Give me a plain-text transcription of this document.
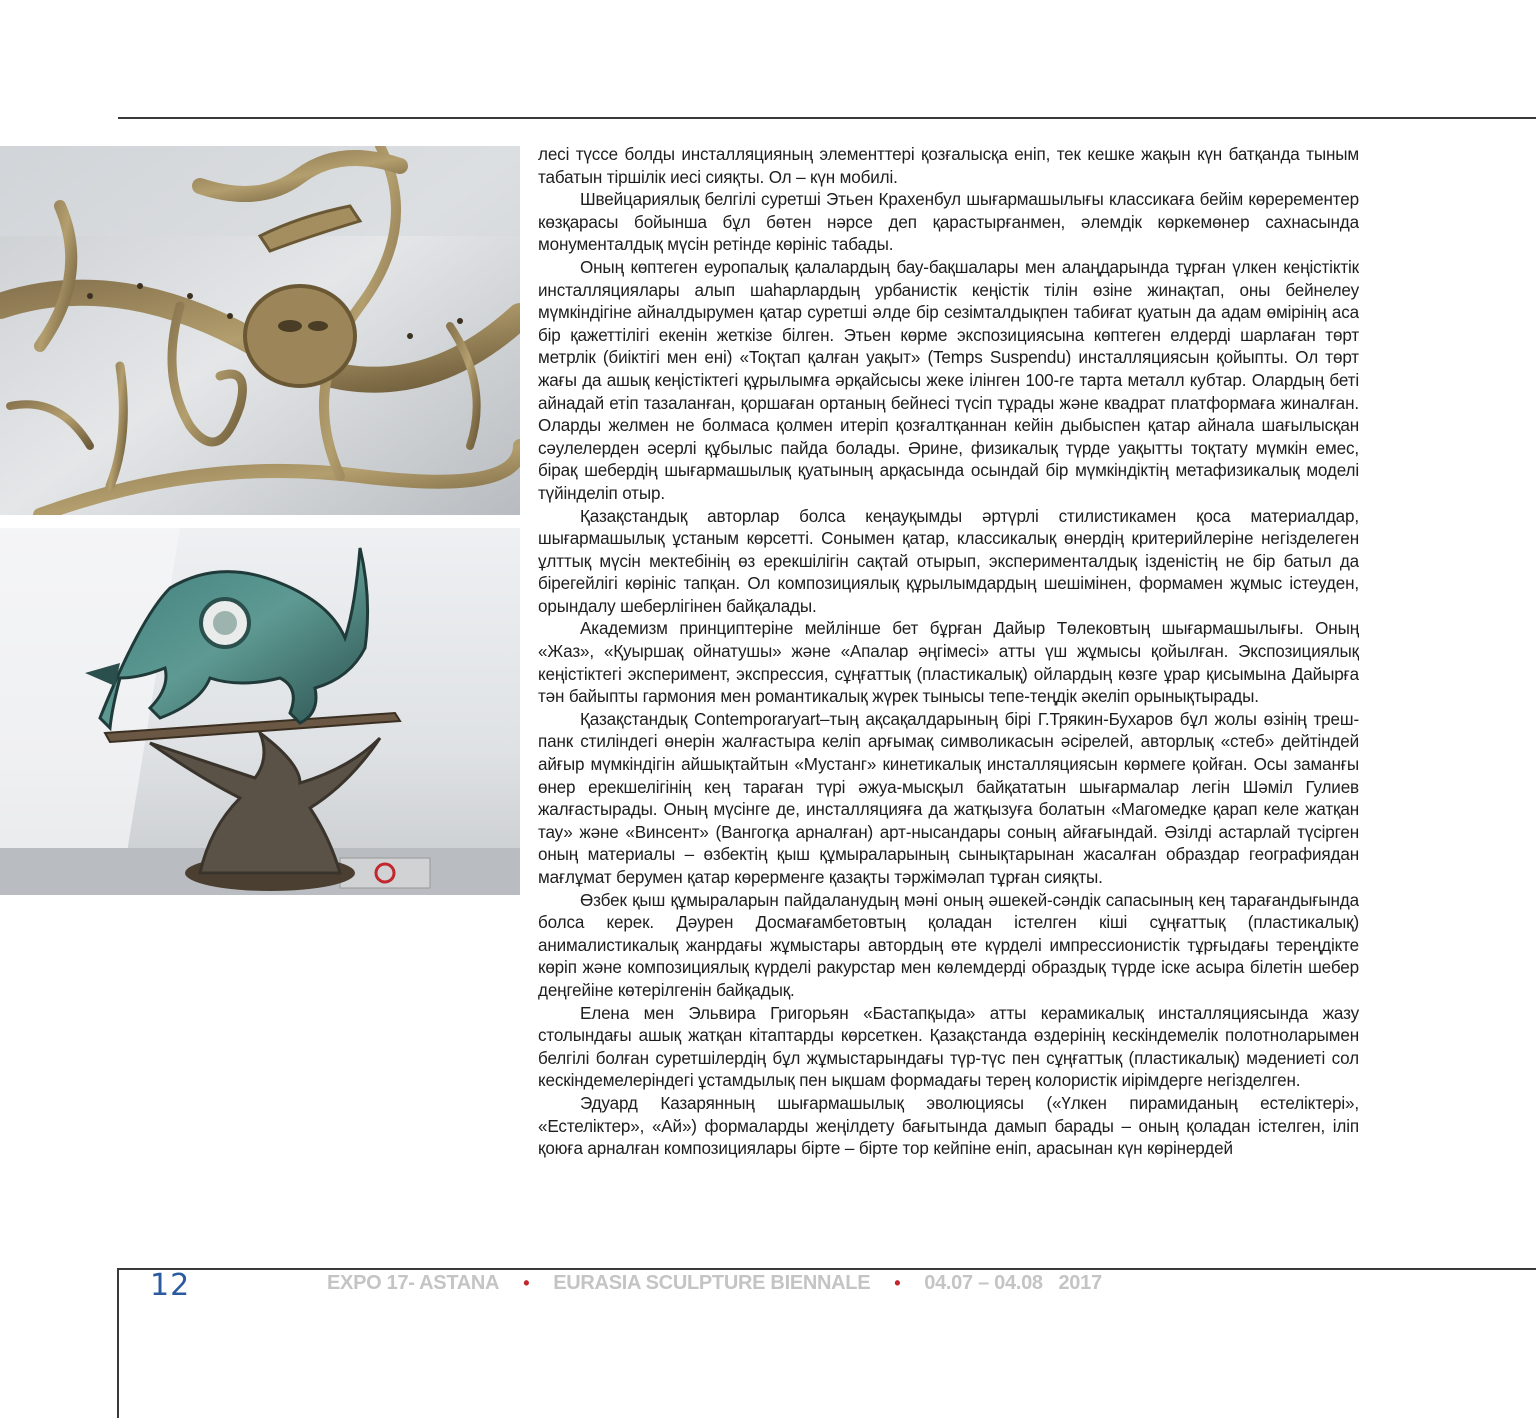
лесі түссе болды инсталляцияның элементтері қозғалысқа еніп, тек кешке жақын күн батқанда тыным табатын тіршілік иесі сияқты. Ол – күн мобилі.

Швейцариялық белгілі суретші Этьен Крахенбул шығармашылығы классикаға бейім көререментер көзқарасы бойынша бұл бөтен нәрсе деп қарастырғанмен, әлемдік көркемөнер сахнасында монументалдық мүсін ретінде көрініс табады.

Оның көптеген еуропалық қалалардың бау-бақшалары мен алаңдарында тұрған үлкен кеңістіктік инсталляциялары алып шаһарлардың урбанистік кеңістік тілін өзіне жинақтап, оны бейнелеу мүмкіндігіне айналдырумен қатар суретші әлде бір сезімталдықпен табиғат қуатын да адам өмірінің аса бір қажеттілігі екенін жеткізе білген. Этьен көрме экспозициясына көптеген елдерді шарлаған төрт метрлік (биіктігі мен ені) «Тоқтап қалған уақыт» (Temps Suspendu) инсталляциясын қойыпты. Ол төрт жағы да ашық кеңістіктегі құрылымға әрқайсысы жеке ілінген 100-ге тарта металл кубтар. Олардың беті айнадай етіп тазаланған, қоршаған ортаның бейнесі түсіп тұрады және квадрат платформаға жиналған. Оларды желмен не болмаса қолмен итеріп қозғалтқаннан кейін дыбыспен қатар айнала шағылысқан сәулелерден әсерлі құбылыс пайда болады. Әрине, физикалық түрде уақытты тоқтату мүмкін емес, бірақ шебердің шығармашылық қуатының арқасында осындай бір мүмкіндіктің метафизикалық моделі түйінделіп отыр.

Қазақстандық авторлар болса кеңауқымды әртүрлі стилистикамен қоса материалдар, шығармашылық ұстаным көрсетті. Сонымен қатар, классикалық өнердің критерийлеріне негізделеген ұлттық мүсін мектебінің өз ерекшілігін сақтай отырып, эксперименталдық ізденістің не бір батыл да бірегейлігі көрініс тапқан. Ол композициялық құрылымдардың шешімінен, формамен жұмыс істеуден, орындалу шеберлігінен байқалады.

Академизм принциптеріне мейлінше бет бұрған Дайыр Төлековтың шығармашылығы. Оның «Жаз», «Қуыршақ ойнатушы» және «Апалар әңгімесі» атты үш жұмысы қойылған. Экспозициялық кеңістіктегі эксперимент, экспрессия, сұңғаттық (пластикалық) ойлардың көзге ұрар қисымына Дайырға тән байыпты гармония мен романтикалық жүрек тынысы тепе-теңдік әкеліп орынықтырады.

Қазақстандық Contemporaryart–тың ақсақалдарының бірі Г.Трякин-Бухаров бұл жолы өзінің треш-панк стиліндегі өнерін жалғастыра келіп арғымақ символикасын әсірелей, авторлық «стеб» дейтіндей айғыр мүмкіндігін айшықтайтын «Мустанг» кинетикалық инсталляциясын көрмеге қойған. Осы заманғы өнер ерекшелігінің кең тараған түрі әжуа-мысқыл байқататын шығармалар легін Шәміл Гулиев жалғастырады. Оның мүсінге де, инсталляцияға да жатқызуға болатын «Магомедке қарап келе жатқан тау» және «Винсент» (Вангогқа арналған) арт-нысандары соның айғағындай. Әзілді астарлай түсірген оның материалы – өзбектің қыш құмыраларының сынықтарынан жасалған образдар географиядан мағлұмат берумен қатар көрерменге қазақты тәржімәлап тұрған сияқты.

Өзбек қыш құмыраларын пайдаланудың мәні оның әшекей-сәндік сапасының кең тарағандығында болса керек. Дәурен Досмағамбетовтың қоладан істелген кіші сұңғаттық (пластикалық) анималистикалық жанрдағы жұмыстары автордың өте күрделі импрессионистік тұрғыдағы тереңдікте көріп және композициялық күрделі ракурстар мен көлемдерді образдық түрде іске асыра білетін шебер деңгейіне көтерілгенін байқадық.

Елена мен Эльвира Григорьян «Бастапқыда» атты керамикалық инсталляциясында жазу столындағы ашық жатқан кітаптарды көрсеткен. Қазақстанда өздерінің кескіндемелік полотноларымен белгілі болған суретшілердің бұл жұмыстарындағы түр-түс пен сұңғаттық (пластикалық) мәдениеті сол кескіндемелеріндегі ұстамдылық пен ықшам формадағы терең колористік иірімдерге негізделген.

Эдуард Казарянның шығармашылық эволюциясы («Үлкен пирамиданың естеліктері», «Естеліктер», «Ай») формаларды жеңілдету бағытында дамып барады – оның қоладан істелген, іліп қоюға арналған композициялары бірте – бірте тор кейпіне еніп, арасынан күн көрінердей

12	EXPO 17- ASTANA • EURASIA SCULPTURE BIENNALE • 04.07 – 04.08   2017
